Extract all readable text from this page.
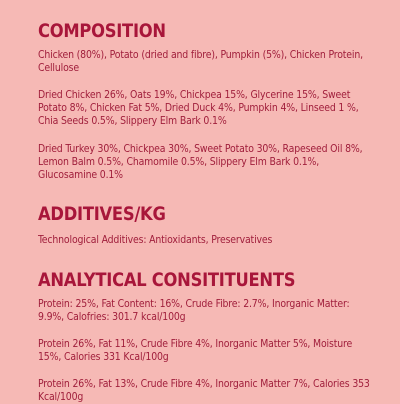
COMPOSITION

Chicken (80%), Potato (dried and fibre), Pumpkin (5%), Chicken Protein, Cellulose

Dried Chicken 26%, Oats 19%, Chickpea 15%, Glycerine 15%, Sweet Potato 8%, Chicken Fat 5%, Dried Duck 4%, Pumpkin 4%, Linseed 1 %, Chia Seeds 0.5%, Slippery Elm Bark 0.1%

Dried Turkey 30%, Chickpea 30%, Sweet Potato 30%, Rapeseed Oil 8%, Lemon Balm 0.5%, Chamomile 0.5%, Slippery Elm Bark 0.1%, Glucosamine 0.1%

ADDITIVES/KG

Technological Additives: Antioxidants, Preservatives

ANALYTICAL CONSITITUENTS

Protein: 25%, Fat Content: 16%, Crude Fibre: 2.7%, Inorganic Matter: 9.9%, Calofries: 301.7 kcal/100g

Protein 26%, Fat 11%, Crude Fibre 4%, Inorganic Matter 5%, Moisture 15%, Calories 331 Kcal/100g

Protein 26%, Fat 13%, Crude Fibre 4%, Inorganic Matter 7%, Calories 353 Kcal/100g
